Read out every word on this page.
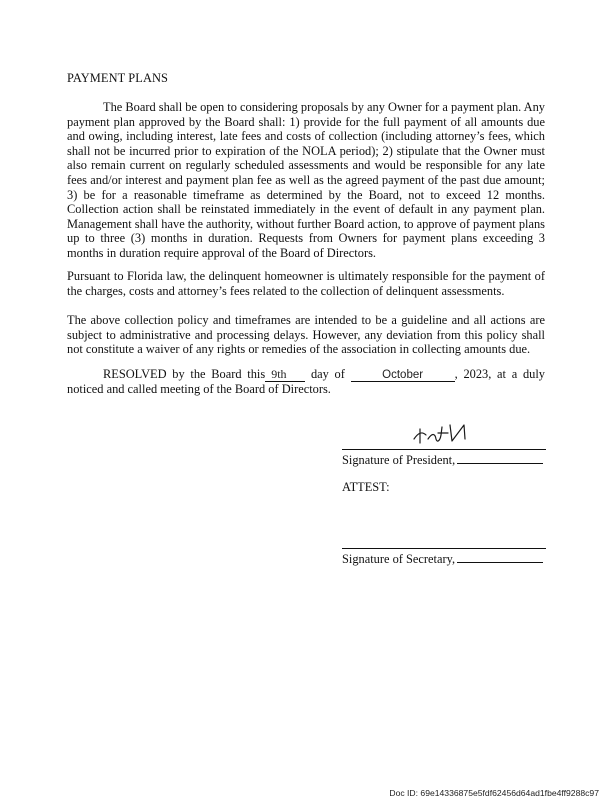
PAYMENT PLANS

The Board shall be open to considering proposals by any Owner for a payment plan. Any payment plan approved by the Board shall: 1) provide for the full payment of all amounts due and owing, including interest, late fees and costs of collection (including attorney’s fees, which shall not be incurred prior to expiration of the NOLA period); 2) stipulate that the Owner must also remain current on regularly scheduled assessments and would be responsible for any late fees and/or interest and payment plan fee as well as the agreed payment of the past due amount; 3) be for a reasonable timeframe as determined by the Board, not to exceed 12 months. Collection action shall be reinstated immediately in the event of default in any payment plan. Management shall have the authority, without further Board action, to approve of payment plans up to three (3) months in duration. Requests from Owners for payment plans exceeding 3 months in duration require approval of the Board of Directors.

Pursuant to Florida law, the delinquent homeowner is ultimately responsible for the payment of the charges, costs and attorney’s fees related to the collection of delinquent assessments.

The above collection policy and timeframes are intended to be a guideline and all actions are subject to administrative and processing delays. However, any deviation from this policy shall not constitute a waiver of any rights or remedies of the association in collecting amounts due.

RESOLVED by the Board this 9th day of	October	, 2023, at a duly noticed and called meeting of the Board of Directors.

Signature of President,
ATTEST:
Signature of Secretary,
Doc ID: 69e14336875e5fdf62456d64ad1fbe4ff9288c97
